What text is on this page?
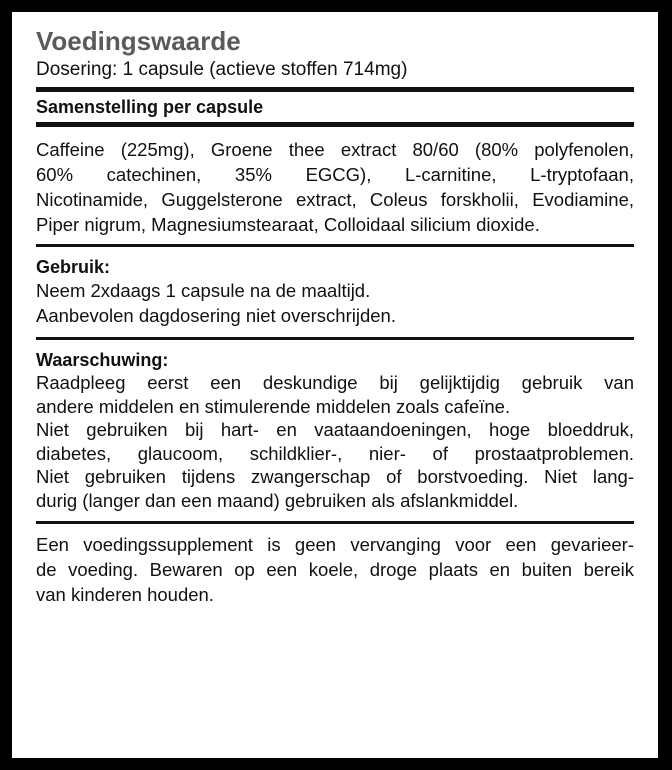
Voedingswaarde
Dosering: 1 capsule (actieve stoffen 714mg)
Samenstelling per capsule
Caffeine (225mg), Groene thee extract 80/60 (80% polyfenolen,
60% catechinen, 35% EGCG), L-carnitine, L-tryptofaan,
Nicotinamide, Guggelsterone extract, Coleus forskholii, Evodiamine,
Piper nigrum, Magnesiumstearaat, Colloidaal silicium dioxide.
Gebruik:
Neem 2xdaags 1 capsule na de maaltijd.
Aanbevolen dagdosering niet overschrijden.
Waarschuwing:
Raadpleeg eerst een deskundige bij gelijktijdig gebruik van
andere middelen en stimulerende middelen zoals cafeïne.
Niet gebruiken bij hart- en vaataandoeningen, hoge bloeddruk,
diabetes, glaucoom, schildklier-, nier- of prostaatproblemen.
Niet gebruiken tijdens zwangerschap of borstvoeding. Niet lang-
durig (langer dan een maand) gebruiken als afslankmiddel.
Een voedingssupplement is geen vervanging voor een gevarieer-
de voeding. Bewaren op een koele, droge plaats en buiten bereik
van kinderen houden.
